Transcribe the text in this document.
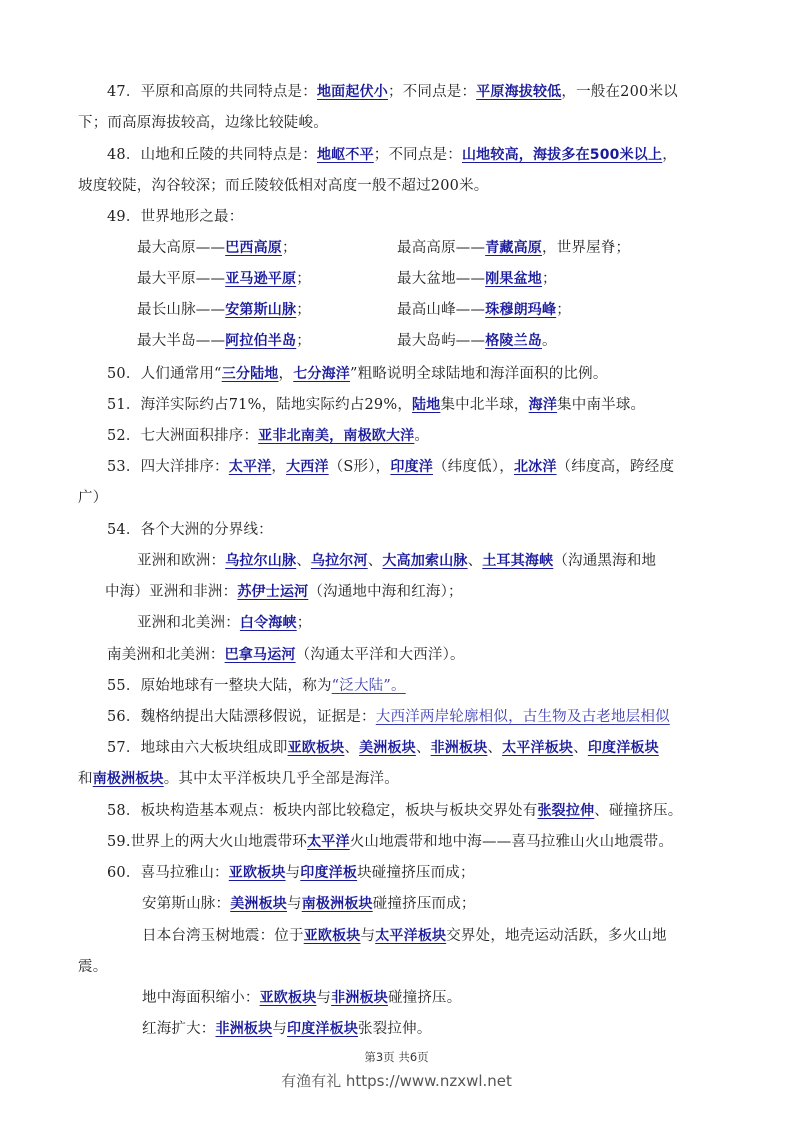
47．平原和高原的共同特点是：地面起伏小；不同点是：平原海拔较低，一般在200米以
下；而高原海拔较高，边缘比较陡峻。
48．山地和丘陵的共同特点是：地岖不平；不同点是：山地较高，海拔多在500米以上，
坡度较陡，沟谷较深；而丘陵较低相对高度一般不超过200米。
49．世界地形之最：
最大高原——巴西高原；	最高高原——青藏高原，世界屋脊；
最大平原——亚马逊平原；	最大盆地——刚果盆地；
最长山脉——安第斯山脉；	最高山峰——珠穆朗玛峰；
最大半岛——阿拉伯半岛；	最大岛屿——格陵兰岛。
50．人们通常用“三分陆地，七分海洋”粗略说明全球陆地和海洋面积的比例。
51．海洋实际约占71%，陆地实际约占29%，陆地集中北半球，海洋集中南半球。
52．七大洲面积排序：亚非北南美，南极欧大洋。
53．四大洋排序：太平洋，大西洋（S形），印度洋（纬度低），北冰洋（纬度高，跨经度
广）
54．各个大洲的分界线：
亚洲和欧洲：乌拉尔山脉、乌拉尔河、大高加索山脉、土耳其海峡（沟通黑海和地
中海）亚洲和非洲：苏伊士运河（沟通地中海和红海）；
亚洲和北美洲：白令海峡；
南美洲和北美洲：巴拿马运河（沟通太平洋和大西洋）。
55．原始地球有一整块大陆，称为“泛大陆”。
56．魏格纳提出大陆漂移假说，证据是：大西洋两岸轮廓相似，古生物及古老地层相似
57．地球由六大板块组成即亚欧板块、美洲板块、非洲板块、太平洋板块、印度洋板块
和南极洲板块。其中太平洋板块几乎全部是海洋。
58．板块构造基本观点：板块内部比较稳定，板块与板块交界处有张裂拉伸、碰撞挤压。
59.世界上的两大火山地震带环太平洋火山地震带和地中海——喜马拉雅山火山地震带。
60．喜马拉雅山：亚欧板块与印度洋板块碰撞挤压而成；
安第斯山脉：美洲板块与南极洲板块碰撞挤压而成；
日本台湾玉树地震：位于亚欧板块与太平洋板块交界处，地壳运动活跃，多火山地
震。
地中海面积缩小：亚欧板块与非洲板块碰撞挤压。
红海扩大：非洲板块与印度洋板块张裂拉伸。
第3页 共6页
有渔有礼 https://www.nzxwl.net
